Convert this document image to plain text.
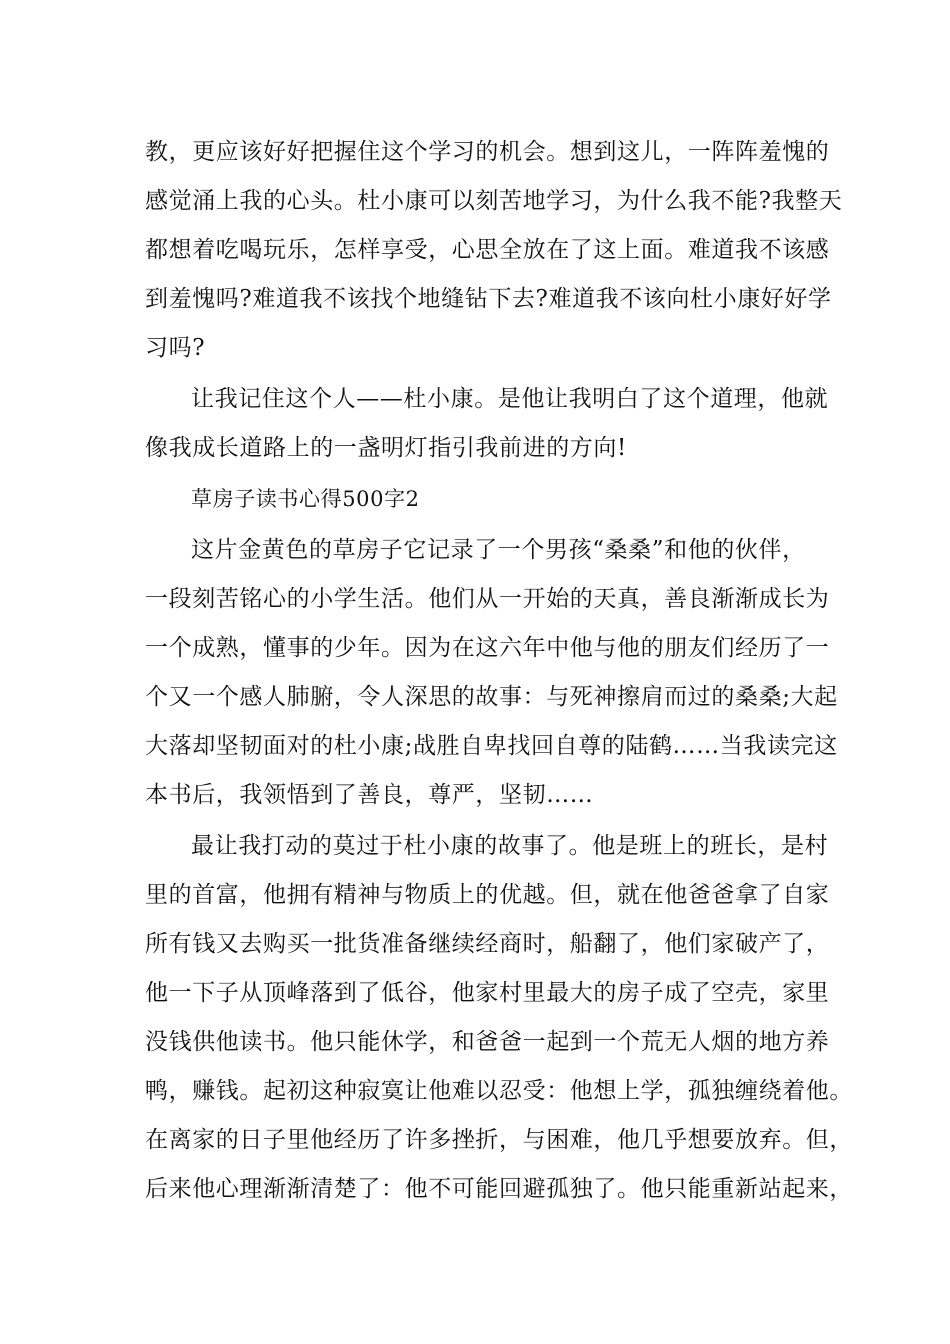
教，更应该好好把握住这个学习的机会。想到这儿，一阵阵羞愧的
感觉涌上我的心头。杜小康可以刻苦地学习，为什么我不能?我整天
都想着吃喝玩乐，怎样享受，心思全放在了这上面。难道我不该感
到羞愧吗?难道我不该找个地缝钻下去?难道我不该向杜小康好好学
习吗?
让我记住这个人——杜小康。是他让我明白了这个道理，他就
像我成长道路上的一盏明灯指引我前进的方向!
草房子读书心得500字2
这片金黄色的草房子它记录了一个男孩“桑桑”和他的伙伴，
一段刻苦铭心的小学生活。他们从一开始的天真，善良渐渐成长为
一个成熟，懂事的少年。因为在这六年中他与他的朋友们经历了一
个又一个感人肺腑，令人深思的故事：与死神擦肩而过的桑桑;大起
大落却坚韧面对的杜小康;战胜自卑找回自尊的陆鹤……当我读完这
本书后，我领悟到了善良，尊严，坚韧……
最让我打动的莫过于杜小康的故事了。他是班上的班长，是村
里的首富，他拥有精神与物质上的优越。但，就在他爸爸拿了自家
所有钱又去购买一批货准备继续经商时，船翻了，他们家破产了，
他一下子从顶峰落到了低谷，他家村里最大的房子成了空壳，家里
没钱供他读书。他只能休学，和爸爸一起到一个荒无人烟的地方养
鸭，赚钱。起初这种寂寞让他难以忍受：他想上学，孤独缠绕着他。
在离家的日子里他经历了许多挫折，与困难，他几乎想要放弃。但，
后来他心理渐渐清楚了：他不可能回避孤独了。他只能重新站起来，
